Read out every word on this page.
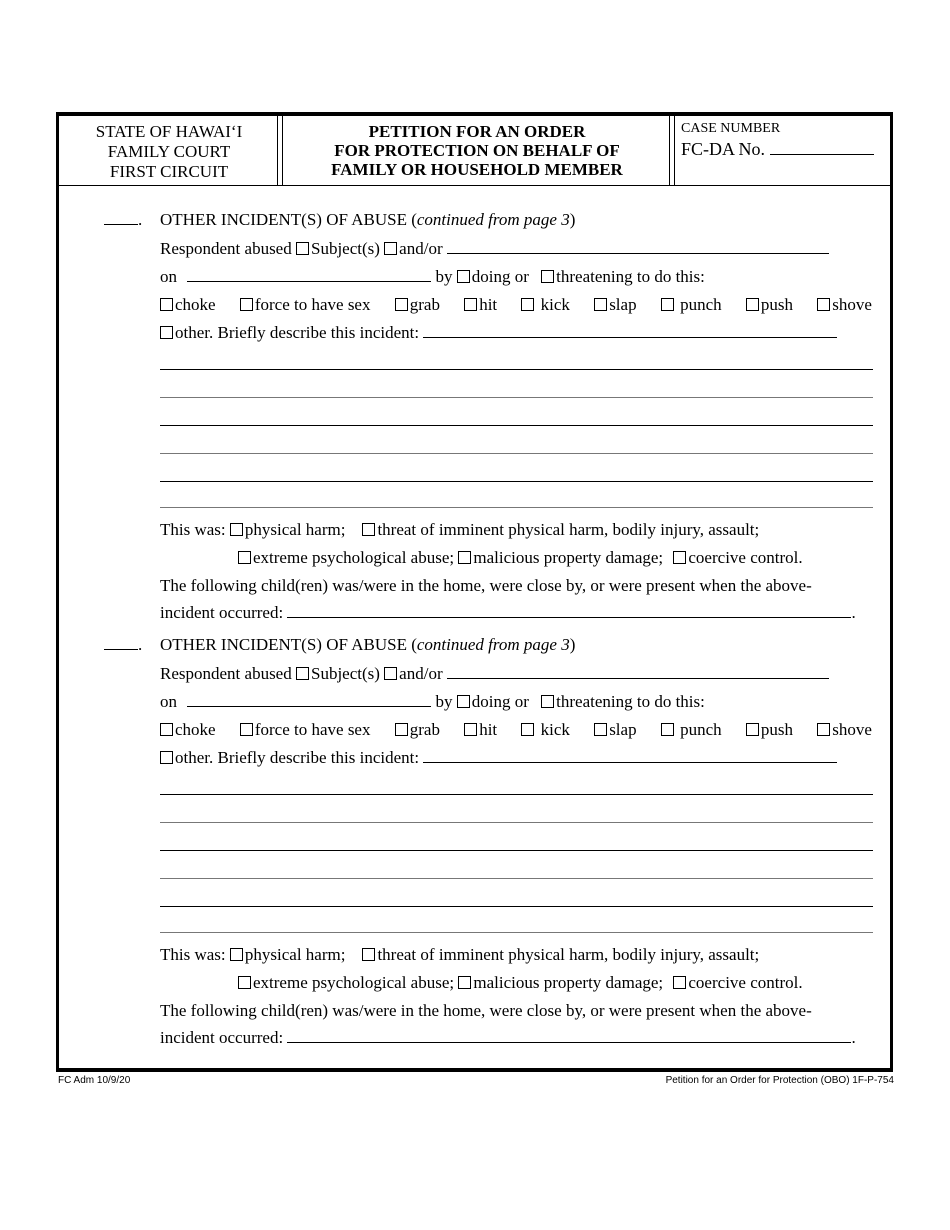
STATE OF HAWAI‘I
FAMILY COURT
FIRST CIRCUIT
PETITION FOR AN ORDER
FOR PROTECTION ON BEHALF OF
FAMILY OR HOUSEHOLD MEMBER
CASE NUMBER
FC-DA No.
. OTHER INCIDENT(S) OF ABUSE (continued from page 3)
Respondent abused Subject(s) and/or
on	by doing or threatening to do this:
choke	force to have sex	grab	hit	kick	slap	punch	push	shove
other. Briefly describe this incident:
This was: physical harm; threat of imminent physical harm, bodily injury, assault;
extreme psychological abuse; malicious property damage; coercive control.
The following child(ren) was/were in the home, were close by, or were present when the above-
incident occurred:	.
. OTHER INCIDENT(S) OF ABUSE (continued from page 3)
Respondent abused Subject(s) and/or
on	by doing or threatening to do this:
choke	force to have sex	grab	hit	kick	slap	punch	push	shove
other. Briefly describe this incident:
This was: physical harm; threat of imminent physical harm, bodily injury, assault;
extreme psychological abuse; malicious property damage; coercive control.
The following child(ren) was/were in the home, were close by, or were present when the above-
incident occurred:	.
FC Adm 10/9/20	Petition for an Order for Protection (OBO) 1F-P-754
